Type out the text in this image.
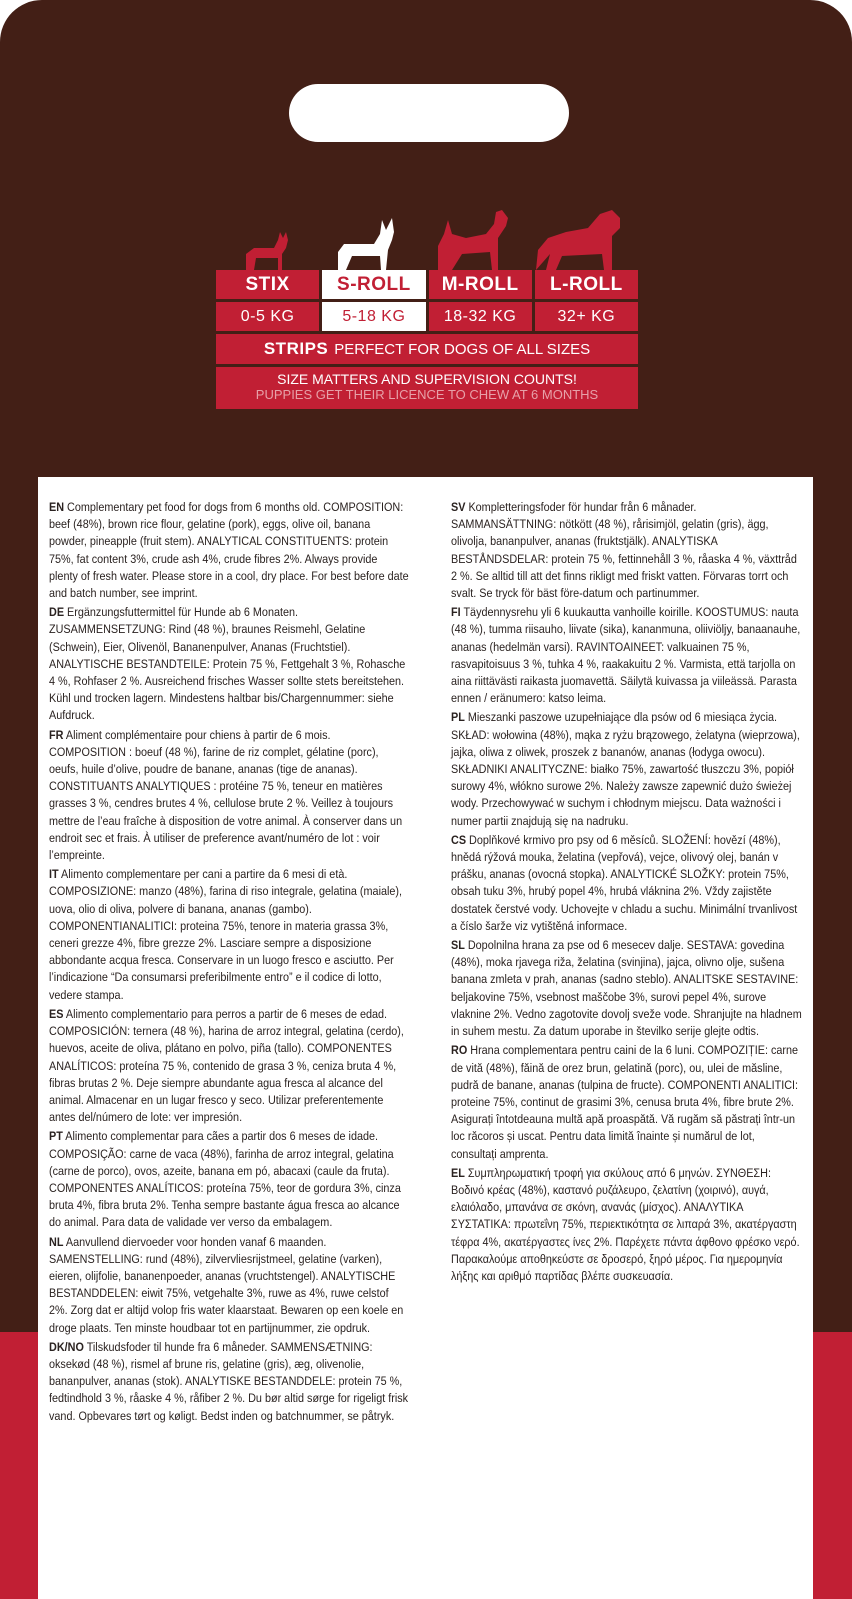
STIX	S-ROLL	M-ROLL	L-ROLL
0-5 KG	5-18 KG	18-32 KG	32+ KG
STRIPS PERFECT FOR DOGS OF ALL SIZES
SIZE MATTERS AND SUPERVISION COUNTS!
PUPPIES GET THEIR LICENCE TO CHEW AT 6 MONTHS

EN Complementary pet food for dogs from 6 months old. COMPOSITION: beef (48%), brown rice flour, gelatine (pork), eggs, olive oil, banana powder, pineapple (fruit stem). ANALYTICAL CONSTITUENTS: protein 75%, fat content 3%, crude ash 4%, crude fibres 2%. Always provide plenty of fresh water. Please store in a cool, dry place. For best before date and batch number, see imprint.

DE Ergänzungsfuttermittel für Hunde ab 6 Monaten. ZUSAMMENSETZUNG: Rind (48 %), braunes Reismehl, Gelatine (Schwein), Eier, Olivenöl, Bananenpulver, Ananas (Fruchtstiel). ANALYTISCHE BESTANDTEILE: Protein 75 %, Fettgehalt 3 %, Rohasche 4 %, Rohfaser 2 %. Ausreichend frisches Wasser sollte stets bereitstehen. Kühl und trocken lagern. Mindestens haltbar bis/Chargennummer: siehe Aufdruck.

FR Aliment complémentaire pour chiens à partir de 6 mois. COMPOSITION : boeuf (48 %), farine de riz complet, gélatine (porc), oeufs, huile d’olive, poudre de banane, ananas (tige de ananas). CONSTITUANTS ANALYTIQUES : protéine 75 %, teneur en matières grasses 3 %, cendres brutes 4 %, cellulose brute 2 %. Veillez à toujours mettre de l’eau fraîche à disposition de votre animal. À conserver dans un endroit sec et frais. À utiliser de preference avant/numéro de lot : voir l’empreinte.

IT Alimento complementare per cani a partire da 6 mesi di età. COMPOSIZIONE: manzo (48%), farina di riso integrale, gelatina (maiale), uova, olio di oliva, polvere di banana, ananas (gambo). COMPONENTIANALITICI: proteina 75%, tenore in materia grassa 3%, ceneri grezze 4%, fibre grezze 2%. Lasciare sempre a disposizione abbondante acqua fresca. Conservare in un luogo fresco e asciutto. Per l’indicazione “Da consumarsi preferibilmente entro” e il codice di lotto, vedere stampa.

ES Alimento complementario para perros a partir de 6 meses de edad. COMPOSICIÓN: ternera (48 %), harina de arroz integral, gelatina (cerdo), huevos, aceite de oliva, plátano en polvo, piña (tallo). COMPONENTES ANALÍTICOS: proteína 75 %, contenido de grasa 3 %, ceniza bruta 4 %, fibras brutas 2 %. Deje siempre abundante agua fresca al alcance del animal. Almacenar en un lugar fresco y seco. Utilizar preferentemente antes del/número de lote: ver impresión.

PT Alimento complementar para cães a partir dos 6 meses de idade. COMPOSIÇÃO: carne de vaca (48%), farinha de arroz integral, gelatina (carne de porco), ovos, azeite, banana em pó, abacaxi (caule da fruta). COMPONENTES ANALÍTICOS: proteína 75%, teor de gordura 3%, cinza bruta 4%, fibra bruta 2%. Tenha sempre bastante água fresca ao alcance do animal. Para data de validade ver verso da embalagem.

NL Aanvullend diervoeder voor honden vanaf 6 maanden. SAMENSTELLING: rund (48%), zilvervliesrijstmeel, gelatine (varken), eieren, olijfolie, bananenpoeder, ananas (vruchtstengel). ANALYTISCHE BESTANDDELEN: eiwit 75%, vetgehalte 3%, ruwe as 4%, ruwe celstof 2%. Zorg dat er altijd volop fris water klaarstaat. Bewaren op een koele en droge plaats. Ten minste houdbaar tot en partijnummer, zie opdruk.

DK/NO Tilskudsfoder til hunde fra 6 måneder. SAMMENSÆTNING: oksekød (48 %), rismel af brune ris, gelatine (gris), æg, olivenolie, bananpulver, ananas (stok). ANALYTISKE BESTANDDELE: protein 75 %, fedtindhold 3 %, råaske 4 %, råfiber 2 %. Du bør altid sørge for rigeligt frisk vand. Opbevares tørt og køligt. Bedst inden og batchnummer, se påtryk.

SV Kompletteringsfoder för hundar från 6 månader. SAMMANSÄTTNING: nötkött (48 %), rårisimjöl, gelatin (gris), ägg, olivolja, bananpulver, ananas (fruktstjälk). ANALYTISKA BESTÅNDSDELAR: protein 75 %, fettinnehåll 3 %, råaska 4 %, växttråd 2 %. Se alltid till att det finns rikligt med friskt vatten. Förvaras torrt och svalt. Se tryck för bäst före-datum och partinummer.

FI Täydennysrehu yli 6 kuukautta vanhoille koirille. KOOSTUMUS: nauta (48 %), tumma riisauho, liivate (sika), kananmuna, oliiviöljy, banaanauhe, ananas (hedelmän varsi). RAVINTOAINEET: valkuainen 75 %, rasvapitoisuus 3 %, tuhka 4 %, raakakuitu 2 %. Varmista, että tarjolla on aina riittävästi raikasta juomavettä. Säilytä kuivassa ja viileässä. Parasta ennen / eränumero: katso leima.

PL Mieszanki paszowe uzupełniające dla psów od 6 miesiąca życia. SKŁAD: wołowina (48%), mąka z ryżu brązowego, żelatyna (wieprzowa), jajka, oliwa z oliwek, proszek z bananów, ananas (łodyga owocu). SKŁADNIKI ANALITYCZNE: białko 75%, zawartość tłuszczu 3%, popiół surowy 4%, włókno surowe 2%. Należy zawsze zapewnić dużo świeżej wody. Przechowywać w suchym i chłodnym miejscu. Data ważności i numer partii znajdują się na nadruku.

CS Doplňkové krmivo pro psy od 6 měsíců. SLOŽENÍ: hovězí (48%), hnědá rýžová mouka, želatina (vepřová), vejce, olivový olej, banán v prášku, ananas (ovocná stopka). ANALYTICKÉ SLOŽKY: protein 75%, obsah tuku 3%, hrubý popel 4%, hrubá vláknina 2%. Vždy zajistěte dostatek čerstvé vody. Uchovejte v chladu a suchu. Minimální trvanlivost a číslo šarže viz vytištěná informace.

SL Dopolnilna hrana za pse od 6 mesecev dalje. SESTAVA: govedina (48%), moka rjavega riža, želatina (svinjina), jajca, olivno olje, sušena banana zmleta v prah, ananas (sadno steblo). ANALITSKE SESTAVINE: beljakovine 75%, vsebnost maščobe 3%, surovi pepel 4%, surove vlaknine 2%. Vedno zagotovite dovolj sveže vode. Shranjujte na hladnem in suhem mestu. Za datum uporabe in številko serije glejte odtis.

RO Hrana complementara pentru caini de la 6 luni. COMPOZIȚIE: carne de vită (48%), făină de orez brun, gelatină (porc), ou, ulei de măsline, pudră de banane, ananas (tulpina de fructe). COMPONENTI ANALITICI: proteine 75%, continut de grasimi 3%, cenusa bruta 4%, fibre brute 2%. Asigurați întotdeauna multă apă proaspătă. Vă rugăm să păstrați într-un loc răcoros și uscat. Pentru data limită înainte și numărul de lot, consultați amprenta.

EL Συμπληρωματική τροφή για σκύλους από 6 μηνών. ΣΥΝΘΕΣΗ: Βοδινό κρέας (48%), καστανό ρυζάλευρο, ζελατίνη (χοιρινό), αυγά, ελαιόλαδο, μπανάνα σε σκόνη, ανανάς (μίσχος). ΑΝΑΛΥΤΙΚΑ ΣΥΣΤΑΤΙΚΑ: πρωτεΐνη 75%, περιεκτικότητα σε λιπαρά 3%, ακατέργαστη τέφρα 4%, ακατέργαστες ίνες 2%. Παρέχετε πάντα άφθονο φρέσκο νερό. Παρακαλούμε αποθηκεύστε σε δροσερό, ξηρό μέρος. Για ημερομηνία λήξης και αριθμό παρτίδας βλέπε συσκευασία.
